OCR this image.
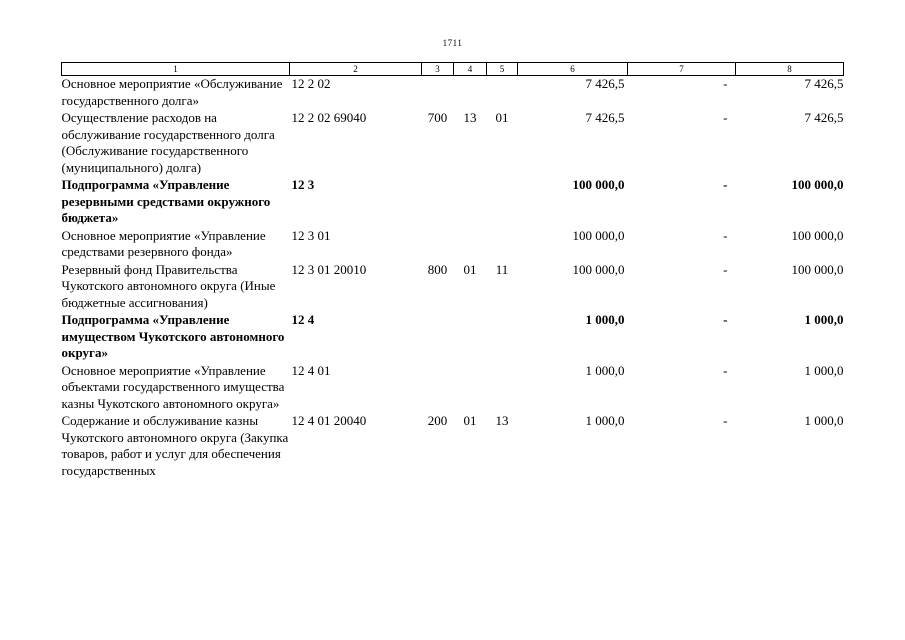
1711
1	2	3	4	5	6	7	8
Основное мероприятие «Обслуживание государственного долга»	12 2 02				7 426,5	-	7 426,5
Осуществление расходов на обслуживание государственного долга (Обслуживание государственного (муниципального) долга)	12 2 02 69040	700	13	01	7 426,5	-	7 426,5
Подпрограмма «Управление резервными средствами окружного бюджета»	12 3				100 000,0	-	100 000,0
Основное мероприятие «Управление средствами резервного фонда»	12 3 01				100 000,0	-	100 000,0
Резервный фонд Правительства Чукотского автономного округа (Иные бюджетные ассигнования)	12 3 01 20010	800	01	11	100 000,0	-	100 000,0
Подпрограмма «Управление имуществом Чукотского автономного округа»	12 4				1 000,0	-	1 000,0
Основное мероприятие «Управление объектами государственного имущества казны Чукотского автономного округа»	12 4 01				1 000,0	-	1 000,0
Содержание и обслуживание казны Чукотского автономного округа (Закупка товаров, работ и услуг для обеспечения государственных	12 4 01 20040	200	01	13	1 000,0	-	1 000,0
